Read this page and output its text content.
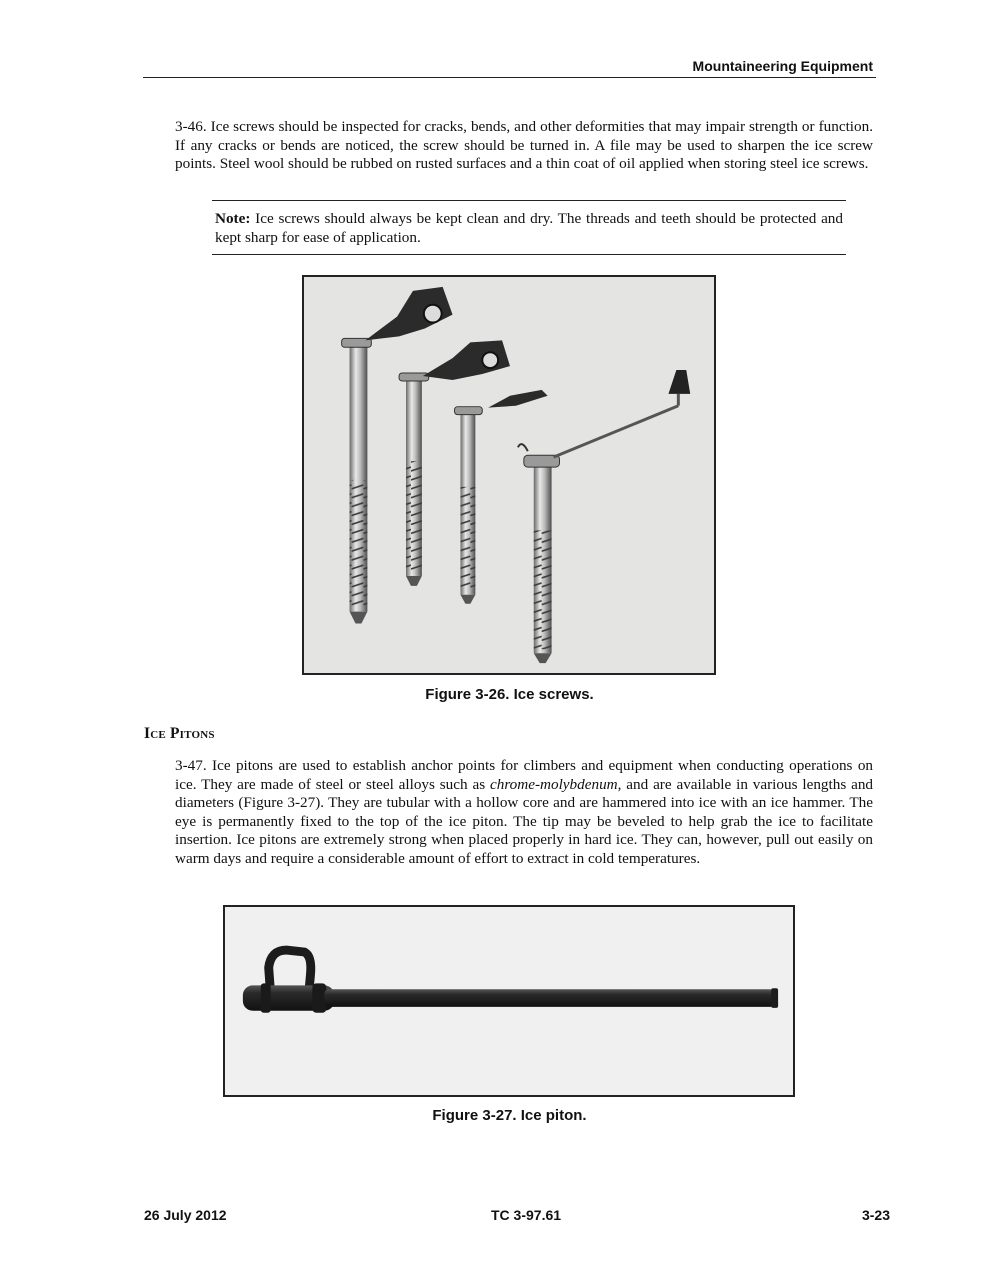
Mountaineering Equipment
3-46. Ice screws should be inspected for cracks, bends, and other deformities that may impair strength or function. If any cracks or bends are noticed, the screw should be turned in. A file may be used to sharpen the ice screw points. Steel wool should be rubbed on rusted surfaces and a thin coat of oil applied when storing steel ice screws.
Note: Ice screws should always be kept clean and dry. The threads and teeth should be protected and kept sharp for ease of application.
Figure 3-26. Ice screws.
Ice Pitons
3-47. Ice pitons are used to establish anchor points for climbers and equipment when conducting operations on ice. They are made of steel or steel alloys such as chrome-molybdenum, and are available in various lengths and diameters (Figure 3-27). They are tubular with a hollow core and are hammered into ice with an ice hammer. The eye is permanently fixed to the top of the ice piton. The tip may be beveled to help grab the ice to facilitate insertion. Ice pitons are extremely strong when placed properly in hard ice. They can, however, pull out easily on warm days and require a considerable amount of effort to extract in cold temperatures.
Figure 3-27. Ice piton.
26 July 2012	TC 3-97.61	3-23
